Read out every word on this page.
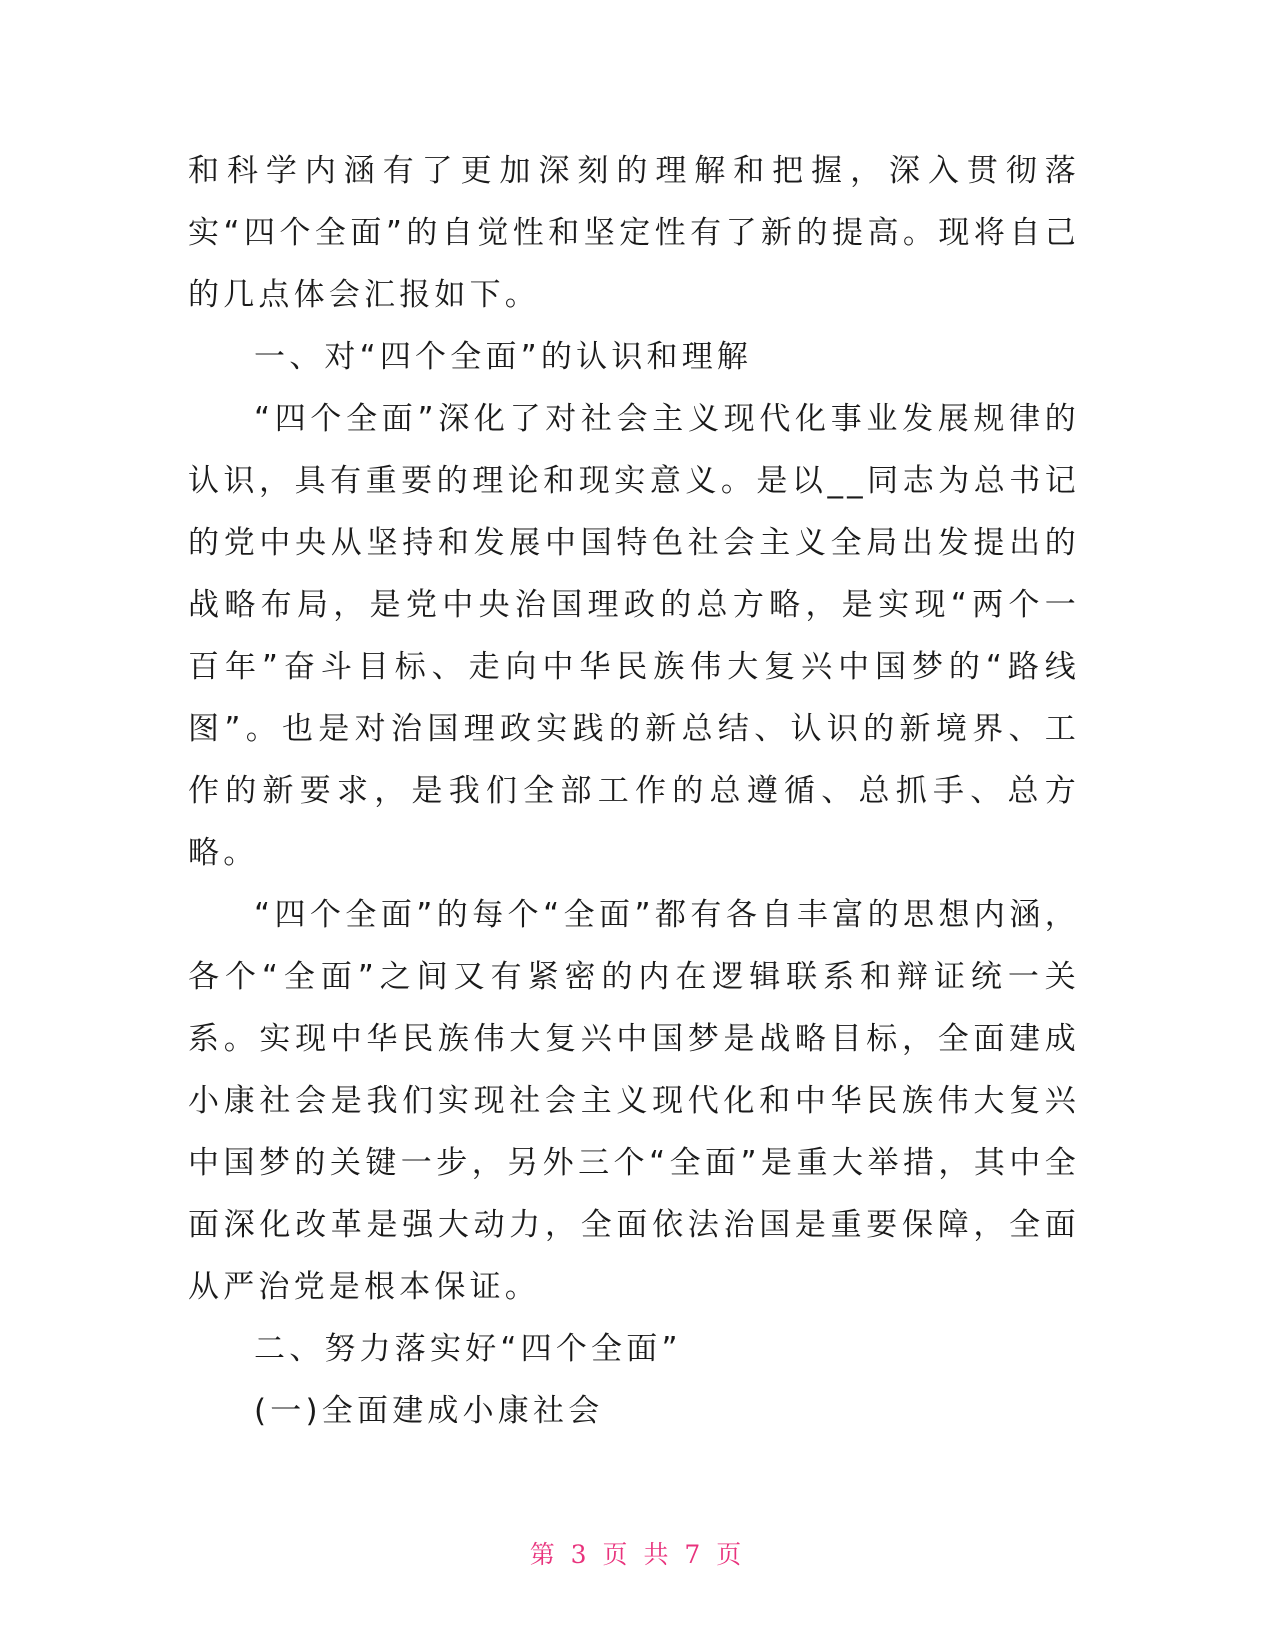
和科学内涵有了更加深刻的理解和把握，深入贯彻落实“四个全面”的自觉性和坚定性有了新的提高。现将自己的几点体会汇报如下。

一、对“四个全面”的认识和理解

“四个全面”深化了对社会主义现代化事业发展规律的认识，具有重要的理论和现实意义。是以__同志为总书记的党中央从坚持和发展中国特色社会主义全局出发提出的战略布局，是党中央治国理政的总方略，是实现“两个一百年”奋斗目标、走向中华民族伟大复兴中国梦的“路线图”。也是对治国理政实践的新总结、认识的新境界、工作的新要求，是我们全部工作的总遵循、总抓手、总方略。

“四个全面”的每个“全面”都有各自丰富的思想内涵，各个“全面”之间又有紧密的内在逻辑联系和辩证统一关系。实现中华民族伟大复兴中国梦是战略目标，全面建成小康社会是我们实现社会主义现代化和中华民族伟大复兴中国梦的关键一步，另外三个“全面”是重大举措，其中全面深化改革是强大动力，全面依法治国是重要保障，全面从严治党是根本保证。

二、努力落实好“四个全面”

(一)全面建成小康社会

第 3 页 共 7 页
